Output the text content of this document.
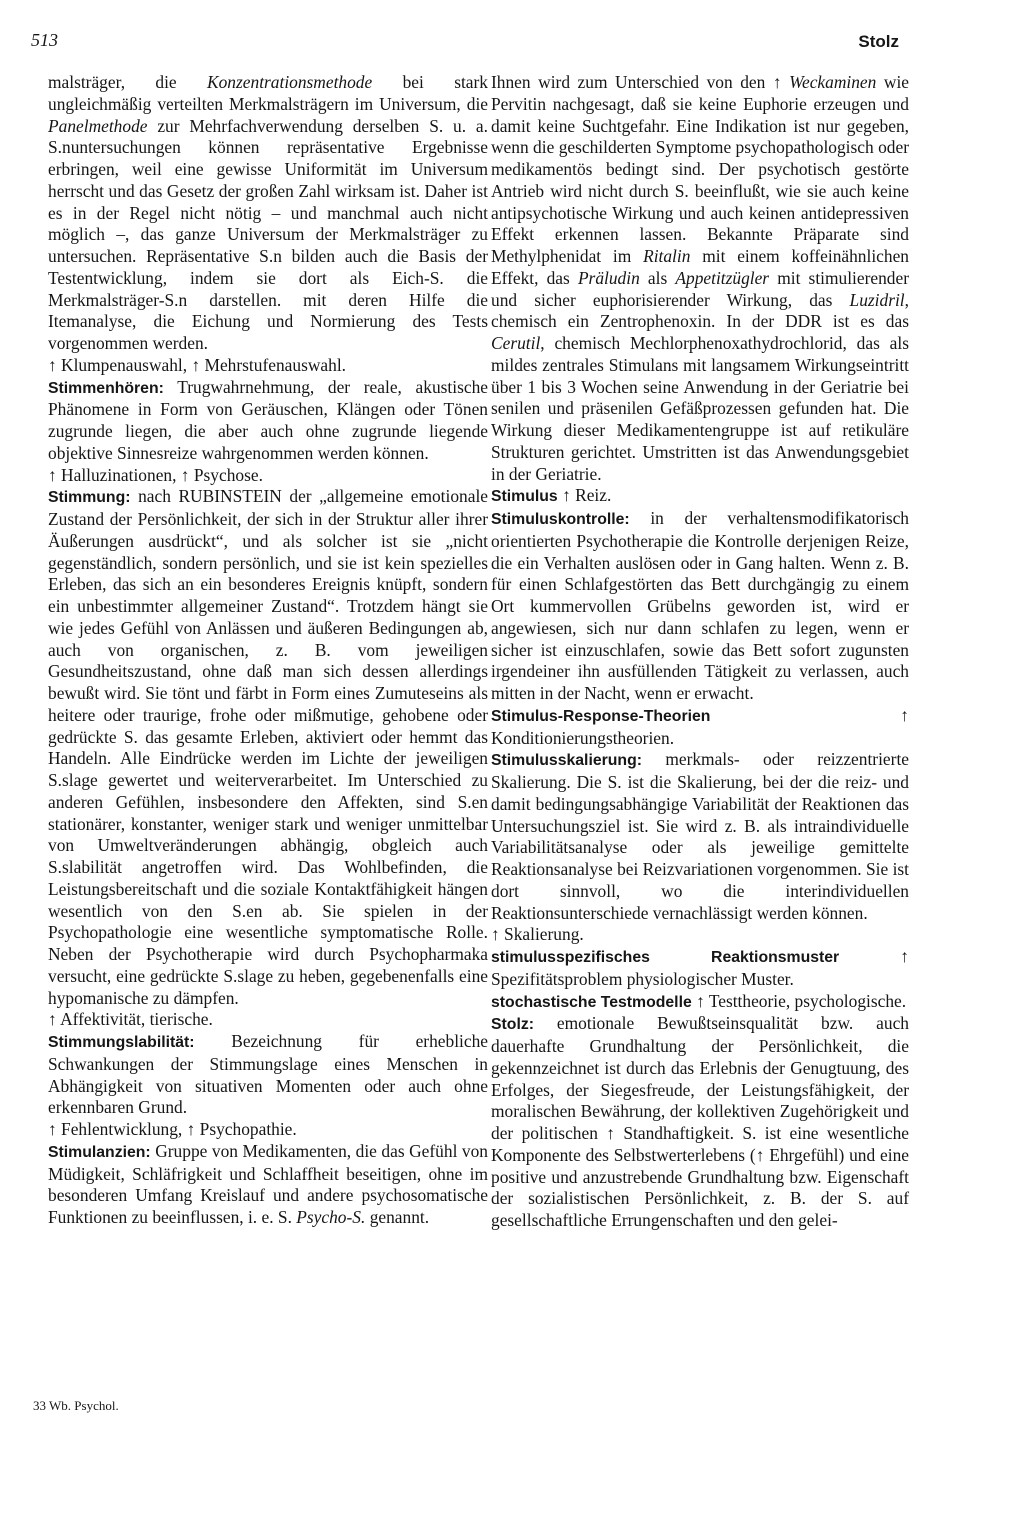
513	Stolz

malsträger, die Konzentrationsmethode bei stark ungleichmäßig verteilten Merkmalsträgern im Universum, die Panelmethode zur Mehrfachverwendung derselben S. u. a. S.nuntersuchungen können repräsentative Ergebnisse erbringen, weil eine gewisse Uniformität im Universum herrscht und das Gesetz der großen Zahl wirksam ist. Daher ist es in der Regel nicht nötig – und manchmal auch nicht möglich –, das ganze Universum der Merkmalsträger zu untersuchen. Repräsentative S.n bilden auch die Basis der Testentwicklung, indem sie dort als Eich-S. die Merkmalsträger-S.n darstellen. mit deren Hilfe die Itemanalyse, die Eichung und Normierung des Tests vorgenommen werden.

↑ Klumpenauswahl, ↑ Mehrstufenauswahl.

Stimmenhören: Trugwahrnehmung, der reale, akustische Phänomene in Form von Geräuschen, Klängen oder Tönen zugrunde liegen, die aber auch ohne zugrunde liegende objektive Sinnesreize wahrgenommen werden können.

↑ Halluzinationen, ↑ Psychose.

Stimmung: nach RUBINSTEIN der „allgemeine emotionale Zustand der Persönlichkeit, der sich in der Struktur aller ihrer Äußerungen ausdrückt“, und als solcher ist sie „nicht gegenständlich, sondern persönlich, und sie ist kein spezielles Erleben, das sich an ein besonderes Ereignis knüpft, sondern ein unbestimmter allgemeiner Zustand“. Trotzdem hängt sie wie jedes Gefühl von Anlässen und äußeren Bedingungen ab, auch von organischen, z. B. vom jeweiligen Gesundheitszustand, ohne daß man sich dessen allerdings bewußt wird. Sie tönt und färbt in Form eines Zumuteseins als heitere oder traurige, frohe oder mißmutige, gehobene oder gedrückte S. das gesamte Erleben, aktiviert oder hemmt das Handeln. Alle Eindrücke werden im Lichte der jeweiligen S.slage gewertet und weiterverarbeitet. Im Unterschied zu anderen Gefühlen, insbesondere den Affekten, sind S.en stationärer, konstanter, weniger stark und weniger unmittelbar von Umweltveränderungen abhängig, obgleich auch S.slabilität angetroffen wird. Das Wohlbefinden, die Leistungsbereitschaft und die soziale Kontaktfähigkeit hängen wesentlich von den S.en ab. Sie spielen in der Psychopathologie eine wesentliche symptomatische Rolle. Neben der Psychotherapie wird durch Psychopharmaka versucht, eine gedrückte S.slage zu heben, gegebenenfalls eine hypomanische zu dämpfen.

↑ Affektivität, tierische.

Stimmungslabilität: Bezeichnung für erhebliche Schwankungen der Stimmungslage eines Menschen in Abhängigkeit von situativen Momenten oder auch ohne erkennbaren Grund.

↑ Fehlentwicklung, ↑ Psychopathie.

Stimulanzien: Gruppe von Medikamenten, die das Gefühl von Müdigkeit, Schläfrigkeit und Schlaffheit beseitigen, ohne im besonderen Umfang Kreislauf und andere psychosomatische Funktionen zu beeinflussen, i. e. S. Psycho-S. genannt.

Ihnen wird zum Unterschied von den ↑ Weckaminen wie Pervitin nachgesagt, daß sie keine Euphorie erzeugen und damit keine Suchtgefahr. Eine Indikation ist nur gegeben, wenn die geschilderten Symptome psychopathologisch oder medikamentös bedingt sind. Der psychotisch gestörte Antrieb wird nicht durch S. beeinflußt, wie sie auch keine antipsychotische Wirkung und auch keinen antidepressiven Effekt erkennen lassen. Bekannte Präparate sind Methylphenidat im Ritalin mit einem koffeinähnlichen Effekt, das Präludin als Appetitzügler mit stimulierender und sicher euphorisierender Wirkung, das Luzidril, chemisch ein Zentrophenoxin. In der DDR ist es das Cerutil, chemisch Mechlorphenoxathydrochlorid, das als mildes zentrales Stimulans mit langsamem Wirkungseintritt über 1 bis 3 Wochen seine Anwendung in der Geriatrie bei senilen und präsenilen Gefäßprozessen gefunden hat. Die Wirkung dieser Medikamentengruppe ist auf retikuläre Strukturen gerichtet. Umstritten ist das Anwendungsgebiet in der Geriatrie.

Stimulus ↑ Reiz.

Stimuluskontrolle: in der verhaltensmodifikatorisch orientierten Psychotherapie die Kontrolle derjenigen Reize, die ein Verhalten auslösen oder in Gang halten. Wenn z. B. für einen Schlafgestörten das Bett durchgängig zu einem Ort kummervollen Grübelns geworden ist, wird er angewiesen, sich nur dann schlafen zu legen, wenn er sicher ist einzuschlafen, sowie das Bett sofort zugunsten irgendeiner ihn ausfüllenden Tätigkeit zu verlassen, auch mitten in der Nacht, wenn er erwacht.

Stimulus-Response-Theorien ↑ Konditionierungstheorien.

Stimulusskalierung: merkmals- oder reizzentrierte Skalierung. Die S. ist die Skalierung, bei der die reiz- und damit bedingungsabhängige Variabilität der Reaktionen das Untersuchungsziel ist. Sie wird z. B. als intraindividuelle Variabilitätsanalyse oder als jeweilige gemittelte Reaktionsanalyse bei Reizvariationen vorgenommen. Sie ist dort sinnvoll, wo die interindividuellen Reaktionsunterschiede vernachlässigt werden können.

↑ Skalierung.

stimulusspezifisches Reaktionsmuster ↑ Spezifitätsproblem physiologischer Muster.

stochastische Testmodelle ↑ Testtheorie, psychologische.

Stolz: emotionale Bewußtseinsqualität bzw. auch dauerhafte Grundhaltung der Persönlichkeit, die gekennzeichnet ist durch das Erlebnis der Genugtuung, des Erfolges, der Siegesfreude, der Leistungsfähigkeit, der moralischen Bewährung, der kollektiven Zugehörigkeit und der politischen ↑ Standhaftigkeit. S. ist eine wesentliche Komponente des Selbstwerterlebens (↑ Ehrgefühl) und eine positive und anzustrebende Grundhaltung bzw. Eigenschaft der sozialistischen Persönlichkeit, z. B. der S. auf gesellschaftliche Errungenschaften und den gelei-

33 Wb. Psychol.
